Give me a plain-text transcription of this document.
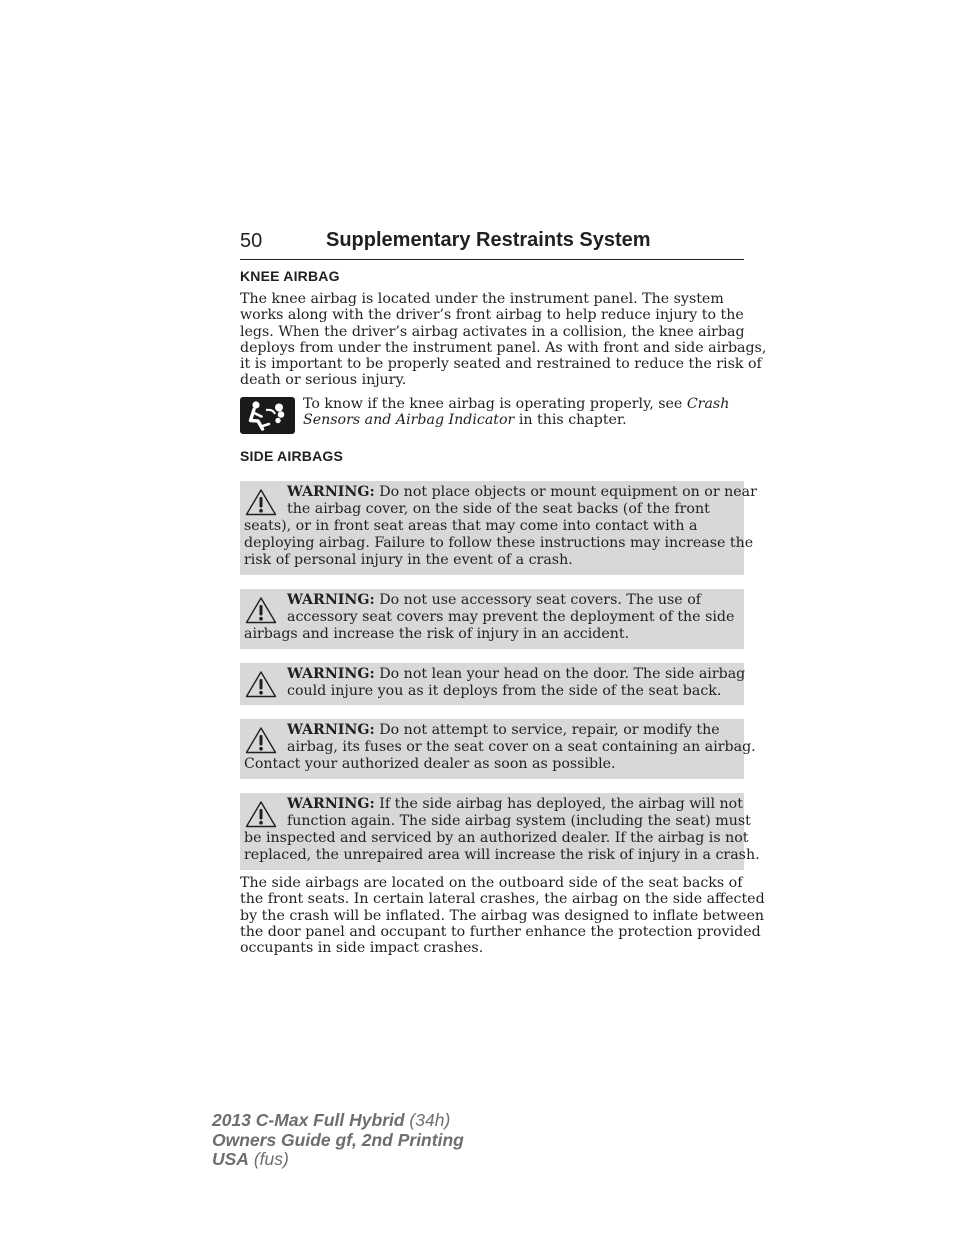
50	Supplementary Restraints System
KNEE AIRBAG
The knee airbag is located under the instrument panel. The system
works along with the driver’s front airbag to help reduce injury to the
legs. When the driver’s airbag activates in a collision, the knee airbag
deploys from under the instrument panel. As with front and side airbags,
it is important to be properly seated and restrained to reduce the risk of
death or serious injury.
To know if the knee airbag is operating properly, see Crash
Sensors and Airbag Indicator in this chapter.
SIDE AIRBAGS
WARNING: Do not place objects or mount equipment on or near
the airbag cover, on the side of the seat backs (of the front
seats), or in front seat areas that may come into contact with a
deploying airbag. Failure to follow these instructions may increase the
risk of personal injury in the event of a crash.
WARNING: Do not use accessory seat covers. The use of
accessory seat covers may prevent the deployment of the side
airbags and increase the risk of injury in an accident.
WARNING: Do not lean your head on the door. The side airbag
could injure you as it deploys from the side of the seat back.
WARNING: Do not attempt to service, repair, or modify the
airbag, its fuses or the seat cover on a seat containing an airbag.
Contact your authorized dealer as soon as possible.
WARNING: If the side airbag has deployed, the airbag will not
function again. The side airbag system (including the seat) must
be inspected and serviced by an authorized dealer. If the airbag is not
replaced, the unrepaired area will increase the risk of injury in a crash.
The side airbags are located on the outboard side of the seat backs of
the front seats. In certain lateral crashes, the airbag on the side affected
by the crash will be inflated. The airbag was designed to inflate between
the door panel and occupant to further enhance the protection provided
occupants in side impact crashes.
2013 C-Max Full Hybrid (34h)
Owners Guide gf, 2nd Printing
USA (fus)
